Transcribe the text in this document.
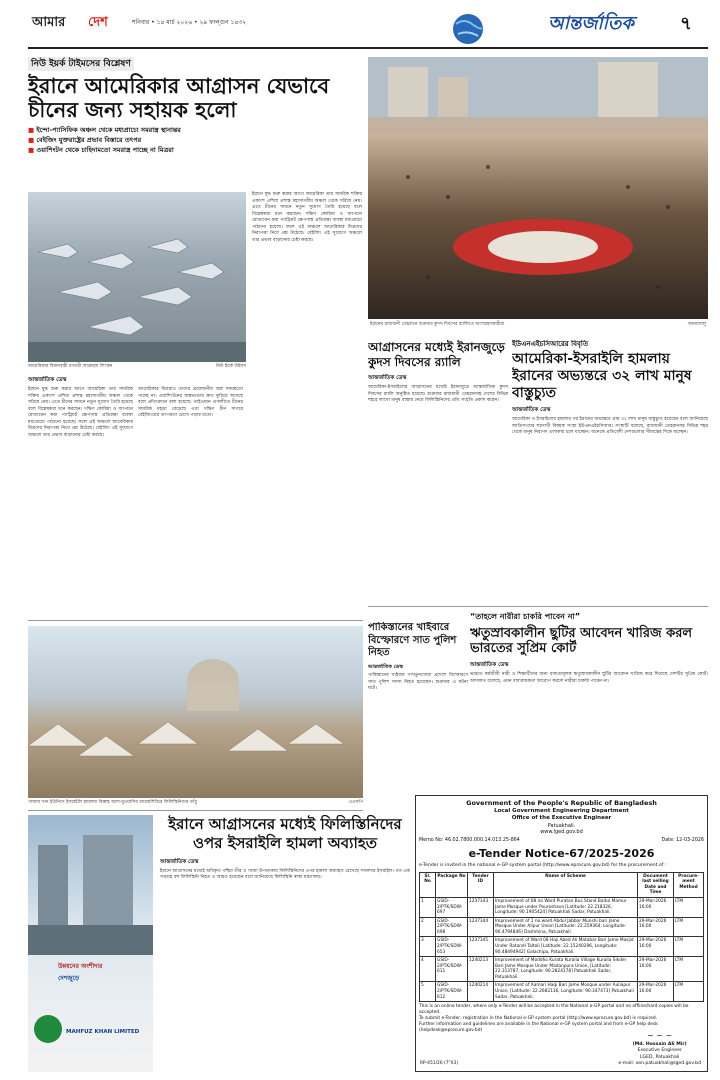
আমার দেশ	শনিবার • ১৪ মার্চ ২০২৬ • ২৯ ফাল্গুন ১৪৩২	আন্তর্জাতিক	৭
নিউ ইয়র্ক টাইমসের বিশ্লেষণ
ইরানে আমেরিকার আগ্রাসন যেভাবে চীনের জন্য সহায়ক হলো
■ ইন্দো-প্যাসিফিক অঞ্চল থেকে মধ্যপ্রাচ্যে সমরাস্ত্র স্থানান্তর
■ বেইজিং যুক্তরাষ্ট্রের প্রভাব বিস্তারে তৎপর
■ ওয়াশিংটন থেকে চাহিদামতো সমরাস্ত্র পাচ্ছে না মিত্ররা
আমেরিকার বিমানবাহী রণতরী আব্রাহাম লিংকন	নিউ ইয়র্ক টাইমস
আন্তর্জাতিক ডেস্ক
ইরানে যুদ্ধ শুরু করার আগে আমেরিকা তার সামরিক শক্তির একাংশ এশিয়া প্রশান্ত মহাসাগরীয় অঞ্চল থেকে সরিয়ে নেয়। এতে চীনের সামনে নতুন সুযোগ তৈরি হয়েছে বলে বিশ্লেষকরা মনে করছেন। দক্ষিণ কোরিয়া ও জাপানে মোতায়েন করা প্যাট্রিয়ট ক্ষেপণাস্ত্র প্রতিরক্ষা ব্যবস্থা মধ্যপ্রাচ্যে পাঠানো হয়েছে। ফলে এই অঞ্চলে আমেরিকার মিত্রদের নিরাপত্তা নিয়ে প্রশ্ন উঠেছে। বেইজিং এই সুযোগে অঞ্চলে তার প্রভাব বাড়ানোর চেষ্টা করছে।
আমেরিকার মিত্ররাও তাদের প্রয়োজনীয় অস্ত্র সময়মতো পাচ্ছে না। ওয়াশিংটনের অস্ত্রভাণ্ডার দ্রুত ফুরিয়ে আসছে বলে প্রতিবেদনে বলা হয়েছে। তাইওয়ান প্রণালীতে চীনের সামরিক মহড়া বেড়েছে এবং দক্ষিণ চীন সাগরে বেইজিংয়ের তৎপরতা চোখে পড়ার মতো।
ইরানে যুদ্ধ শুরু করার আগে আমেরিকা তার সামরিক শক্তির একাংশ এশিয়া প্রশান্ত মহাসাগরীয় অঞ্চল থেকে সরিয়ে নেয়। এতে চীনের সামনে নতুন সুযোগ তৈরি হয়েছে বলে বিশ্লেষকরা মনে করছেন। দক্ষিণ কোরিয়া ও জাপানে মোতায়েন করা প্যাট্রিয়ট ক্ষেপণাস্ত্র প্রতিরক্ষা ব্যবস্থা মধ্যপ্রাচ্যে পাঠানো হয়েছে। ফলে এই অঞ্চলে আমেরিকার মিত্রদের নিরাপত্তা নিয়ে প্রশ্ন উঠেছে। বেইজিং এই সুযোগে অঞ্চলে তার প্রভাব বাড়ানোর চেষ্টা করছে।
ইরানের রাজধানী তেহরানে শুক্রবার কুদস দিবসের র‍্যালিতে অংশগ্রহণকারীরা	আনাদোলু
আগ্রাসনের মধ্যেই ইরানজুড়ে কুদস দিবসের র‍্যালি
আন্তর্জাতিক ডেস্ক
আমেরিকা-ইসরাইলের আগ্রাসনের মধ্যেই ইরানজুড়ে আন্তর্জাতিক কুদস দিবসের র‍্যালি অনুষ্ঠিত হয়েছে। শুক্রবার রাজধানী তেহরানসহ দেশের বিভিন্ন শহরে লাখো মানুষ রাস্তায় নেমে ফিলিস্তিনিদের প্রতি সংহতি প্রকাশ করেন।
ইউএনএইচসিআরের বিবৃতি
আমেরিকা-ইসরাইলি হামলায় ইরানের অভ্যন্তরে ৩২ লাখ মানুষ বাস্তুচ্যুত
আন্তর্জাতিক ডেস্ক
আমেরিকা ও ইসরাইলের হামলার পর ইরানের অভ্যন্তরে প্রায় ৩২ লাখ মানুষ বাস্তুচ্যুত হয়েছেন বলে জানিয়েছে জাতিসংঘের শরণার্থী বিষয়ক সংস্থা ইউএনএইচসিআর। সংস্থাটি বলেছে, রাজধানী তেহরানসহ বিভিন্ন শহর থেকে মানুষ নিরাপদ এলাকায় চলে যাচ্ছেন। অনেকে প্রতিবেশী দেশগুলোর সীমান্তের দিকে যাচ্ছেন।
“তাহলে নারীরা চাকরি পাবেন না”
ঋতুস্রাবকালীন ছুটির আবেদন খারিজ করল ভারতের সুপ্রিম কোর্ট
আন্তর্জাতিক ডেস্ক
ভারতে কর্মজীবী নারী ও শিক্ষার্থীদের জন্য বাধ্যতামূলক ঋতুস্রাবকালীন ছুটির আবেদন খারিজ করে দিয়েছে দেশটির সুপ্রিম কোর্ট। আদালত বলেছে, এমন বাধ্যবাধকতা আরোপ করলে নারীরা চাকরি পাবেন না।
পাকিস্তানের খাইবারে বিস্ফোরণে সাত পুলিশ নিহত
আন্তর্জাতিক ডেস্ক
পাকিস্তানের খাইবার পাখতুনখোয়া প্রদেশে বিস্ফোরণে সাত পুলিশ সদস্য নিহত হয়েছেন। শুক্রবার এ ঘটনা ঘটে।
গাজায় খান ইউনিসে ইসরাইলি হামলায় বিধ্বস্ত আল-মুওয়াসির আশ্রয়শিবিরে ফিলিস্তিনিদের তাঁবু	এএফপি
উন্নয়নের অংশীদার
দেশজুড়ে
MAHFUZ KHAN LIMITED
ইরানে আগ্রাসনের মধ্যেই ফিলিস্তিনিদের ওপর ইসরাইলি হামলা অব্যাহত
আন্তর্জাতিক ডেস্ক
ইরানে আগ্রাসনের মধ্যেই অধিকৃত পশ্চিম তীর ও গাজা উপত্যকায় ফিলিস্তিনিদের ওপর হামলা অব্যাহত রেখেছে দখলদার ইসরাইল। গত এক সপ্তাহে বহু ফিলিস্তিনি নিহত ও আহত হয়েছেন বলে জানিয়েছে ফিলিস্তিনি স্বাস্থ্য মন্ত্রণালয়।
Government of the People's Republic of Bangladesh
Local Government Engineering Department
Office of the Executive Engineer
Patuakhali.
www.lged.gov.bd
Memo No: 46.02.7800.000.14.013.25-864	Date: 12-03-2026
e-Tender Notice-67/2025-2026
e-Tender is invited in the national e-GP system portal (http://www.eprocure.gov.bd) for the procurement of :
Sl. No	Package No	Tender ID	Name of Scheme	Document last selling Date and Time	Procure-ment Method
1	GSID-2/PTK/SDW-697	1237343	Improvement of 08 no Ward Puratan Bus Stand Baitul Mamur Jame Mosque under Pouroshava [Latitude: 22.218326, Longitude: 90.1905424] Patuakhali Sadar, Patuakhali.	29-Mar-2026 16:00	LTM
2	GSID-2/PTK/SDW-698	1237344	Improvement of 1 no ward Abdul Jabbar Munshi bari Jame Mosque Under Alipur Union [Latitude: 22.259364, Longitude: 90.4794846] Dashmina, Patuakhali.	29-Mar-2026 16:00	LTM
3	GSID-2/PTK/SDW-653	1237345	Improvement of Ward 08 Haji Abed Ali Matabar Bari Jame Masjid Under Ratandi Taltoli [Latitude: 22.15240296, Longitude: 90.48494942] Galachipa, Patuakhali.	29-Mar-2026 16:00	LTM
4	GSID-2/PTK/SDW-611	1240213	Improvement of Moddho Kurata Kuralia Village Kuralia Sikder Bari Jame Mosque Under Madanpura Union, [Latitude: 22.313787, Longitude: 90.2824178] Patuakhali Sadar, Patuakhali.	29-Mar-2026 16:00	LTM
5	GSID-2/PTK/SDW-612	1240214	Improvement of Aamari Haqi Bari Jame Mosque under Auliapur Union, [Latitude: 22.2682116, Longitude: 90.347473] Patuakhali Sadar, Patuakhali.	29-Mar-2026 16:00	LTM
This is an online tender, where only e-Tender will be accepted in the National e-GP portal and no offline/hard copies will be accepted.
To submit e-Tender, registration in the National e-GP system portal (http://www.eprocure.gov.bd) is required.
Further information and guidelines are available in the National e-GP system portal and from e-GP help desk (helpdesk@eprocure.gov.bd)
~ ~ ~
(Md. Hossain Ali Mir)
Executive Engineer
LGED, Patuakhali
e-mail: xen.patuakhali@lged.gov.bd
RP-451/26 (7"X3)
